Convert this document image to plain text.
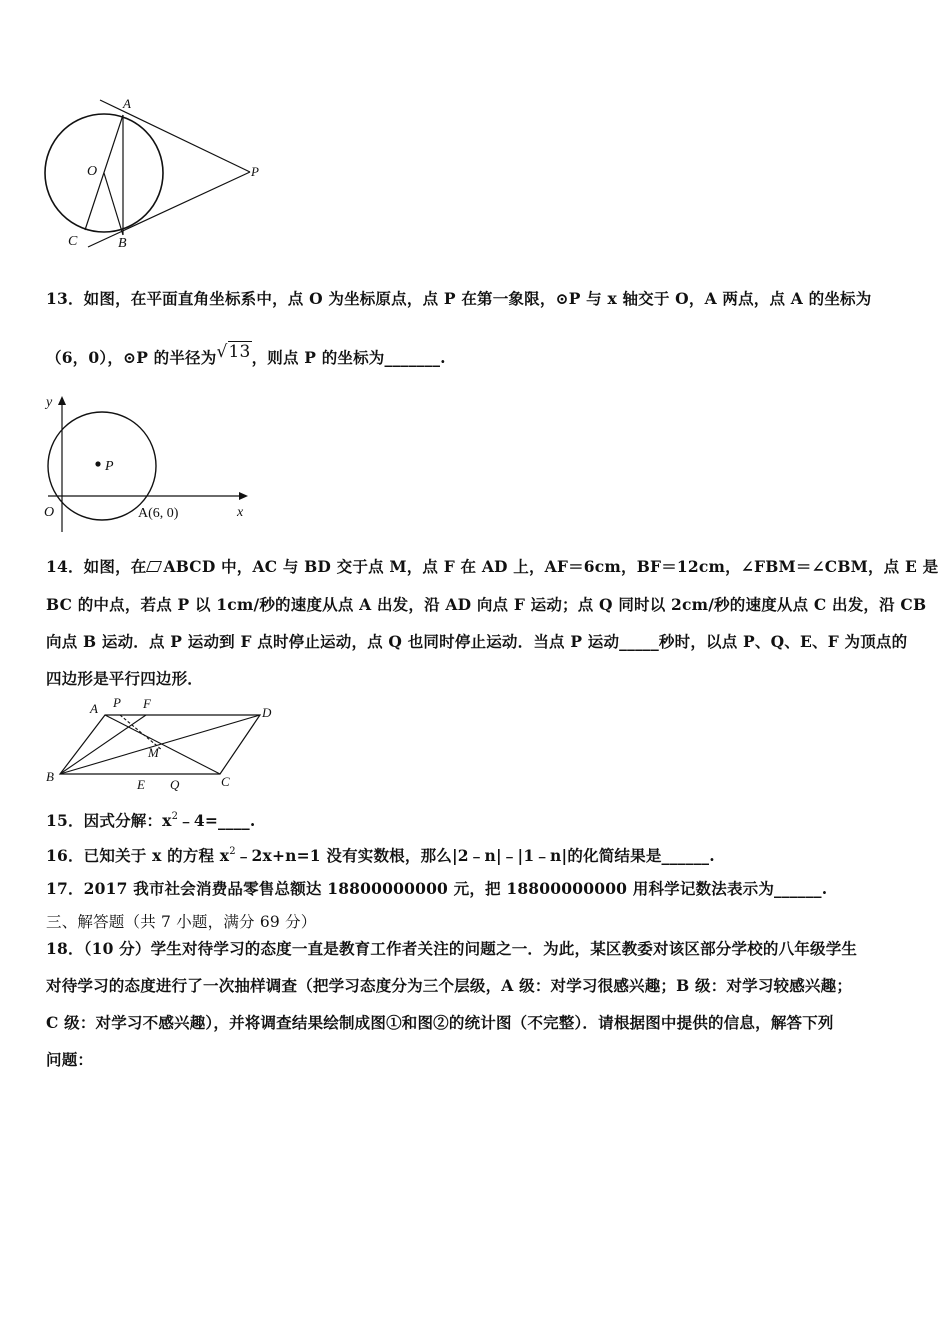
A
O	P
C	B
13．如图，在平面直角坐标系中，点 O 为坐标原点，点 P 在第一象限，⊙P 与 x 轴交于 O，A 两点，点 A 的坐标为
（6，0），⊙P 的半径为√13，则点 P 的坐标为_______.
y
O	x
P
A(6, 0)
14．如图，在 ABCD 中，AC 与 BD 交于点 M，点 F 在 AD 上，AF＝6cm，BF＝12cm，∠FBM＝∠CBM，点 E 是
BC 的中点，若点 P 以 1cm/秒的速度从点 A 出发，沿 AD 向点 F 运动；点 Q 同时以 2cm/秒的速度从点 C 出发，沿 CB
向点 B 运动．点 P 运动到 F 点时停止运动，点 Q 也同时停止运动．当点 P 运动_____秒时，以点 P、Q、E、F 为顶点的
四边形是平行四边形．
A P F
D
M
B
E Q	C
15．因式分解：$x^2﹣4=\_\_\_\_$.
16．已知关于 x 的方程 $x^2﹣2x+n=1$ 没有实数根，那么|2﹣n|﹣|1﹣n|的化简结果是______.
17．2017 我市社会消费品零售总额达 18800000000 元，把 18800000000 用科学记数法表示为______.
三、解答题（共 7 小题，满分 69 分）
18．（10 分）学生对待学习的态度一直是教育工作者关注的问题之一．为此，某区教委对该区部分学校的八年级学生
对待学习的态度进行了一次抽样调查（把学习态度分为三个层级，A 级：对学习很感兴趣；B 级：对学习较感兴趣；
C 级：对学习不感兴趣），并将调查结果绘制成图①和图②的统计图（不完整）．请根据图中提供的信息，解答下列
问题：
